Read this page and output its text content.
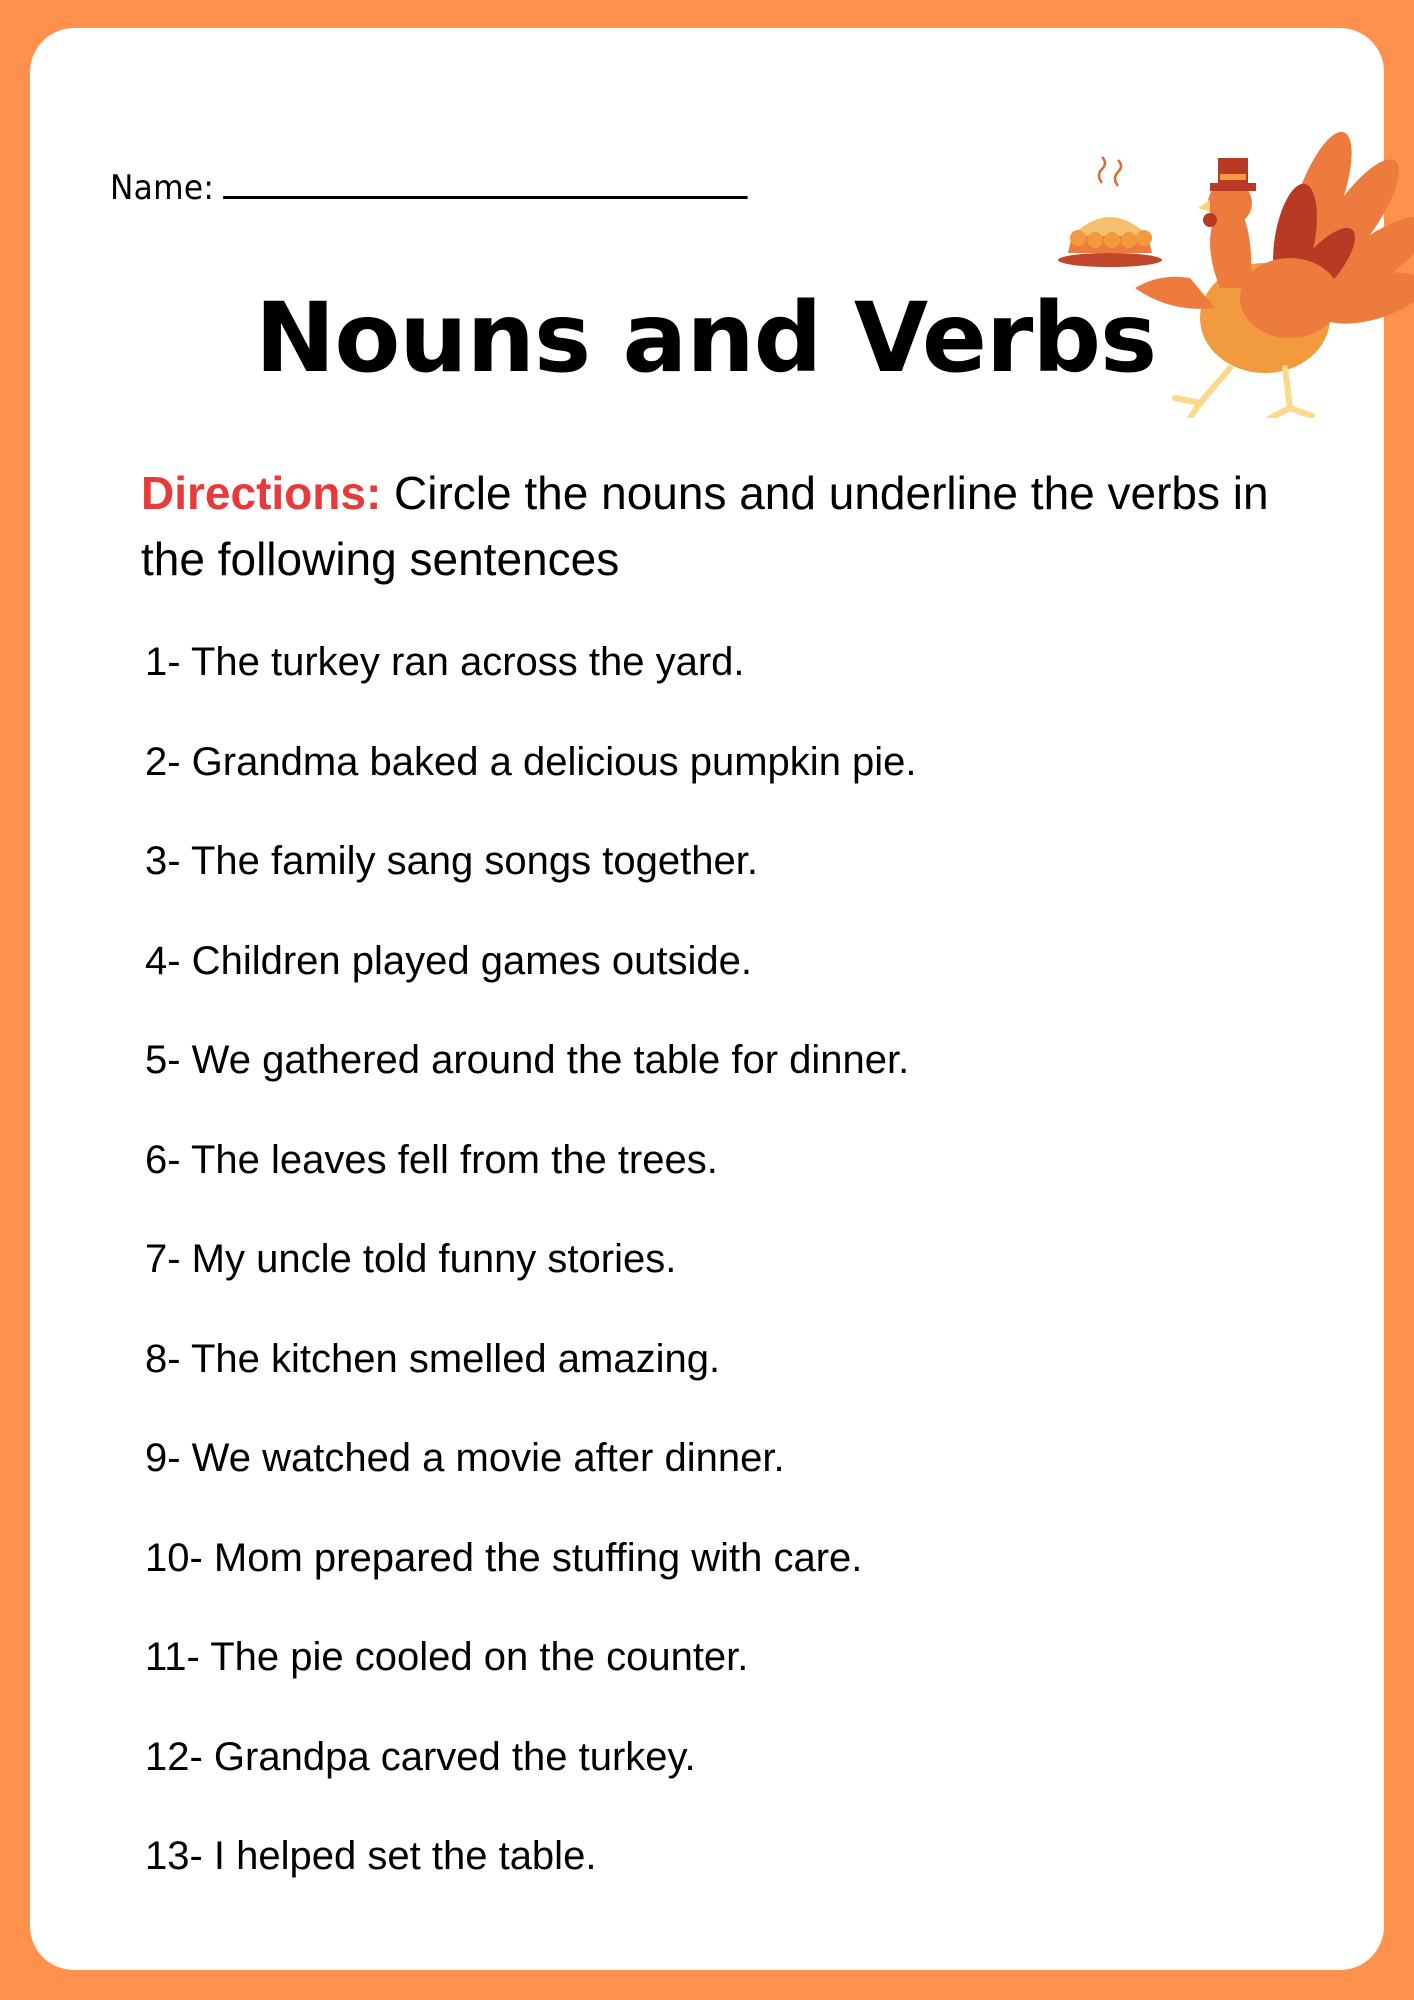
Name:
Nouns and Verbs
Directions: Circle the nouns and underline the verbs in the following sentences
1- The turkey ran across the yard.
2- Grandma baked a delicious pumpkin pie.
3- The family sang songs together.
4- Children played games outside.
5- We gathered around the table for dinner.
6- The leaves fell from the trees.
7- My uncle told funny stories.
8- The kitchen smelled amazing.
9- We watched a movie after dinner.
10- Mom prepared the stuffing with care.
11- The pie cooled on the counter.
12- Grandpa carved the turkey.
13- I helped set the table.
